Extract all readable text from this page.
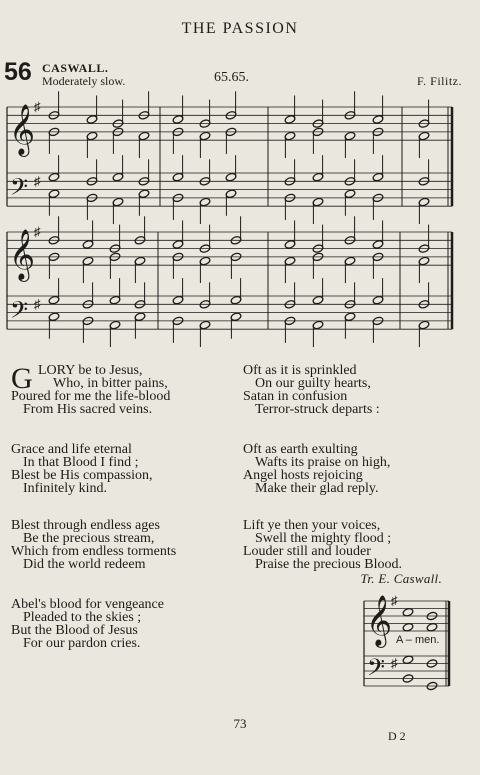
THE PASSION
56 CASWALL.
Moderately slow.	65.65.	F. Filitz.
𝄞
𝄢
♯
♯
𝄞
𝄢
♯
♯
𝄞
𝄢
♯
♯
G LORY be to Jesus,
Who, in bitter pains,
Poured for me the life-blood
From His sacred veins.
Grace and life eternal
In that Blood I find ;
Blest be His compassion,
Infinitely kind.
Blest through endless ages
Be the precious stream,
Which from endless torments
Did the world redeem
Abel's blood for vengeance
Pleaded to the skies ;
But the Blood of Jesus
For our pardon cries.
Oft as it is sprinkled
On our guilty hearts,
Satan in confusion
Terror-struck departs :
Oft as earth exulting
Wafts its praise on high,
Angel hosts rejoicing
Make their glad reply.
Lift ye then your voices,
Swell the mighty flood ;
Louder still and louder
Praise the precious Blood.
Tr. E. Caswall.
A – men.
73
D 2
